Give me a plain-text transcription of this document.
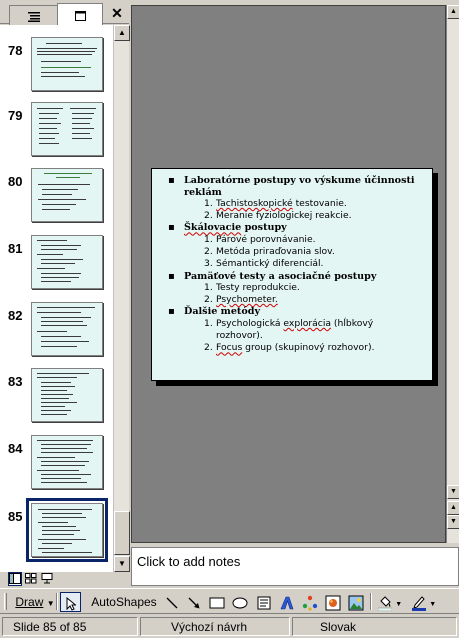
✕
78
79
80
81
82
83
84
85
▲
▼
▪ Laboratórne postupy vo výskume účinnosti reklám
1. Tachistoskopické testovanie.
2. Meranie fyziologickej reakcie.
▪ Škálovacie postupy
1. Párové porovnávanie.
2. Metóda priraďovania slov.
3. Sémantický diferenciál.
▪ Pamäťové testy a asociačné postupy
1. Testy reprodukcie.
2. Psychometer.
▪ Ďalšie metódy
1. Psychologická explorácia (hĺbkový rozhovor).
2. Focus group (skupinový rozhovor).
▲
▼
▲
▼
Click to add notes
Draw ▼	AutoShapes	▼	▼
Slide 85 of 85	Výchozí návrh	Slovak
